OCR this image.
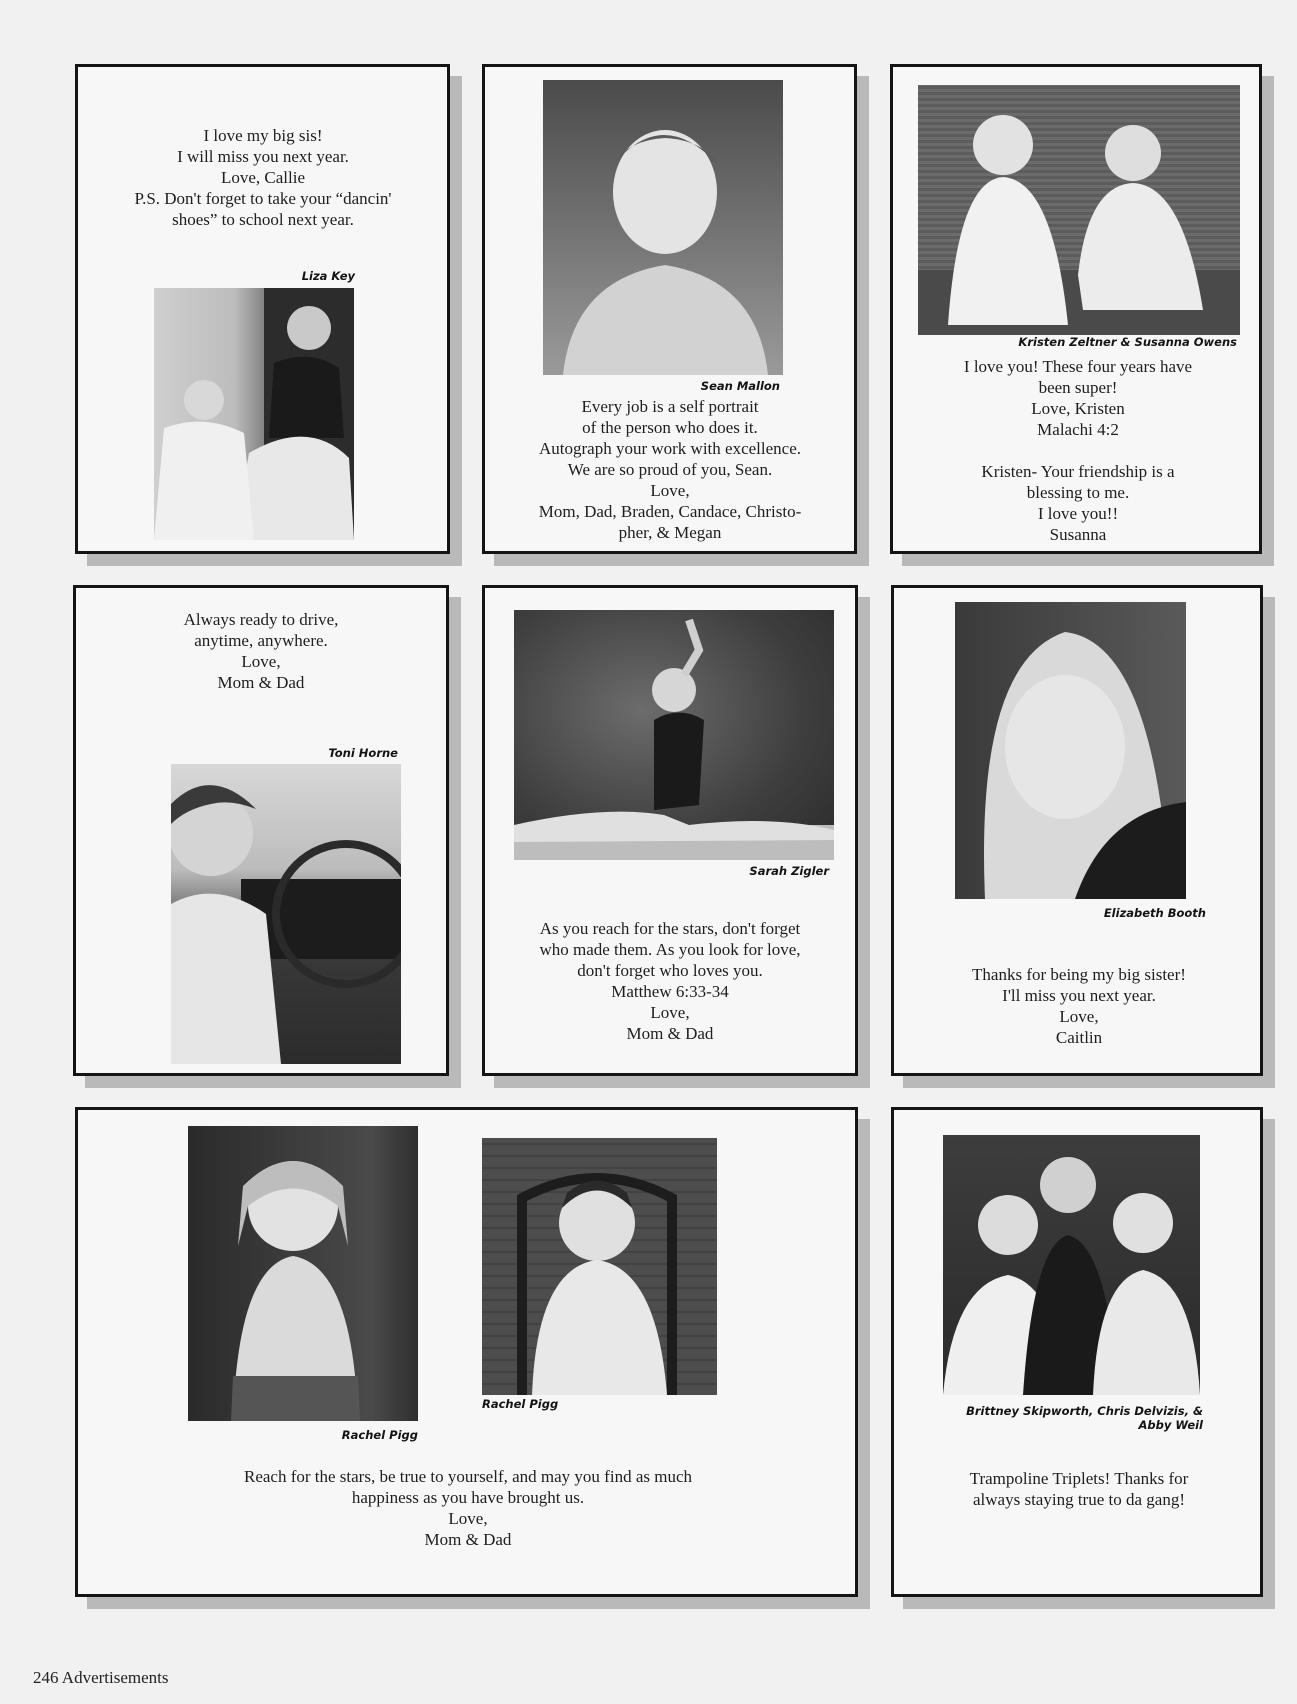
I love my big sis!
I will miss you next year.
Love, Callie
P.S. Don't forget to take your “dancin'
shoes” to school next year.
Liza Key
Sean Mallon
Every job is a self portrait
of the person who does it.
Autograph your work with excellence.
We are so proud of you, Sean.
Love,
Mom, Dad, Braden, Candace, Christo-
pher, & Megan
Kristen Zeltner & Susanna Owens
I love you! These four years have
been super!
Love, Kristen
Malachi 4:2
Kristen- Your friendship is a
blessing to me.
I love you!!
Susanna
Always ready to drive,
anytime, anywhere.
Love,
Mom & Dad
Toni Horne
Sarah Zigler
As you reach for the stars, don't forget
who made them. As you look for love,
don't forget who loves you.
Matthew 6:33-34
Love,
Mom & Dad
Elizabeth Booth
Thanks for being my big sister!
I'll miss you next year.
Love,
Caitlin
Rachel Pigg
Rachel Pigg
Reach for the stars, be true to yourself, and may you find as much
happiness as you have brought us.
Love,
Mom & Dad
Brittney Skipworth, Chris Delvizis, &
Abby Weil
Trampoline Triplets! Thanks for
always staying true to da gang!
246 Advertisements
